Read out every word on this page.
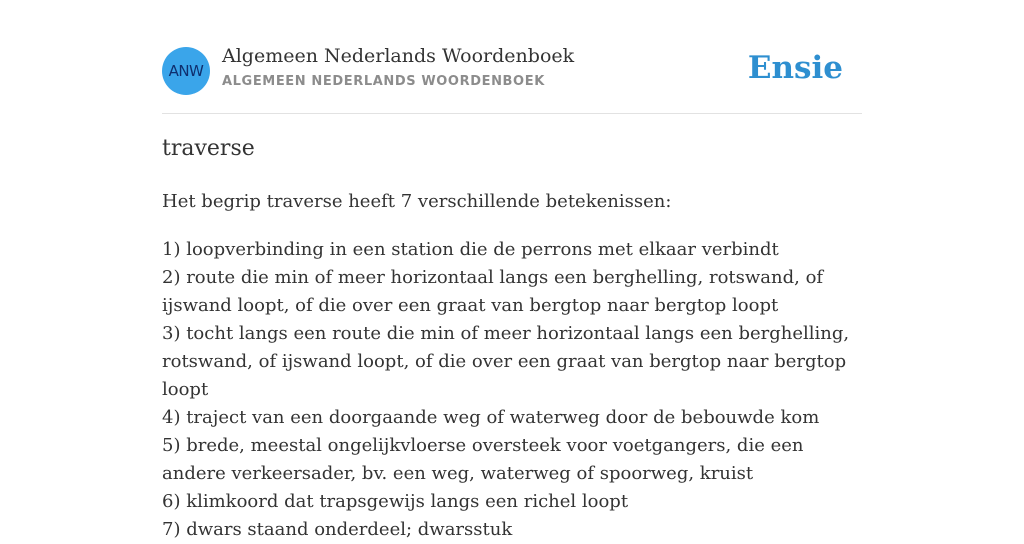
ANW
Algemeen Nederlands Woordenboek
ALGEMEEN NEDERLANDS WOORDENBOEK	Ensie
traverse

Het begrip traverse heeft 7 verschillende betekenissen:

1) loopverbinding in een station die de perrons met elkaar verbindt
2) route die min of meer horizontaal langs een berghelling, rotswand, of ijswand loopt, of die over een graat van bergtop naar bergtop loopt
3) tocht langs een route die min of meer horizontaal langs een berghelling, rotswand, of ijswand loopt, of die over een graat van bergtop naar bergtop loopt
4) traject van een doorgaande weg of waterweg door de bebouwde kom
5) brede, meestal ongelijkvloerse oversteek voor voetgangers, die een andere verkeersader, bv. een weg, waterweg of spoorweg, kruist
6) klimkoord dat trapsgewijs langs een richel loopt
7) dwars staand onderdeel; dwarsstuk
